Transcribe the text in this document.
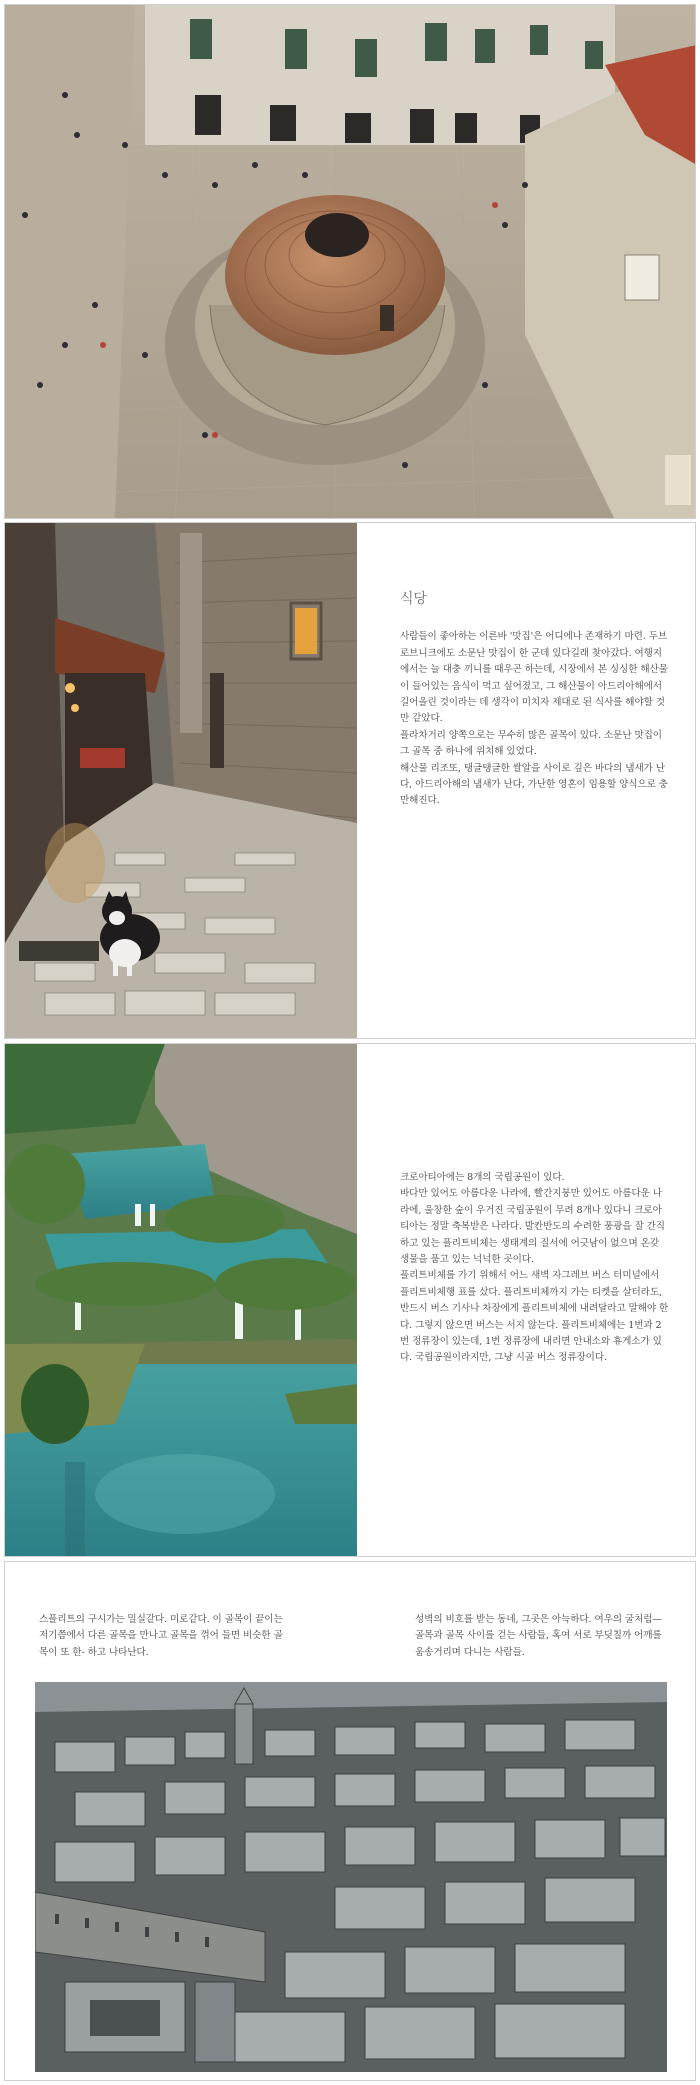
식당

사람들이 좋아하는 이른바 '맛집'은 어디에나 존재하기 마련. 두브로브니크에도 소문난 맛집이 한 군데 있다길래 찾아갔다. 여행지에서는 늘 대충 끼니를 때우곤 하는데, 시장에서 본 싱싱한 해산물이 들어있는 음식이 먹고 싶어졌고, 그 해산물이 아드리아해에서 길어올린 것이라는 데 생각이 미치자 제대로 된 식사를 해야할 것만 같았다.

플라차거리 양쪽으로는 무수히 많은 골목이 있다. 소문난 맛집이 그 골목 중 하나에 위치해 있었다.

해산물 리조또, 탱글탱글한 쌀알을 사이로 깊은 바다의 냄새가 난다, 아드리아해의 냄새가 난다, 가난한 영혼이 임용할 양식으로 충만해진다.

크로아티아에는 8개의 국립공원이 있다.

바다만 있어도 아름다운 나라에, 빨간지붕만 있어도 아름다운 나라에, 울창한 숲이 우거진 국립공원이 무려 8개나 있다니 크로아티아는 정말 축복받은 나라다. 발칸반도의 수려한 풍광을 잘 간직하고 있는 플리트비체는 생태계의 질서에 어긋남이 없으며 온갖 생물을 품고 있는 넉넉한 곳이다.

플리트비체를 가기 위해서 어느 새벽 자그레브 버스 터미널에서 플리트비체행 표를 샀다. 플리트비체까지 가는 티켓을 살터라도, 반드시 버스 기사나 차장에게 플리트비체에 내려달라고 말해야 한다. 그렇지 않으면 버스는 서지 않는다. 플리트비체에는 1번과 2번 정류장이 있는데, 1번 정류장에 내리면 안내소와 휴게소가 있다. 국립공원이라지만, 그냥 시골 버스 정류장이다.

스플리트의 구시가는 밀실같다. 미로같다. 이 골목이 끝이는 저기쯤에서 다른 골목을 만나고 골목을 꺾어 들면 비슷한 골목이 또 한- 하고 나타난다.

성벽의 비호를 받는 동네, 그곳은 아늑하다. 여우의 굴처럼—골목과 골목 사이를 걷는 사람들, 혹여 서로 부딪칠까 어깨를 움송거리며 다니는 사람들.
